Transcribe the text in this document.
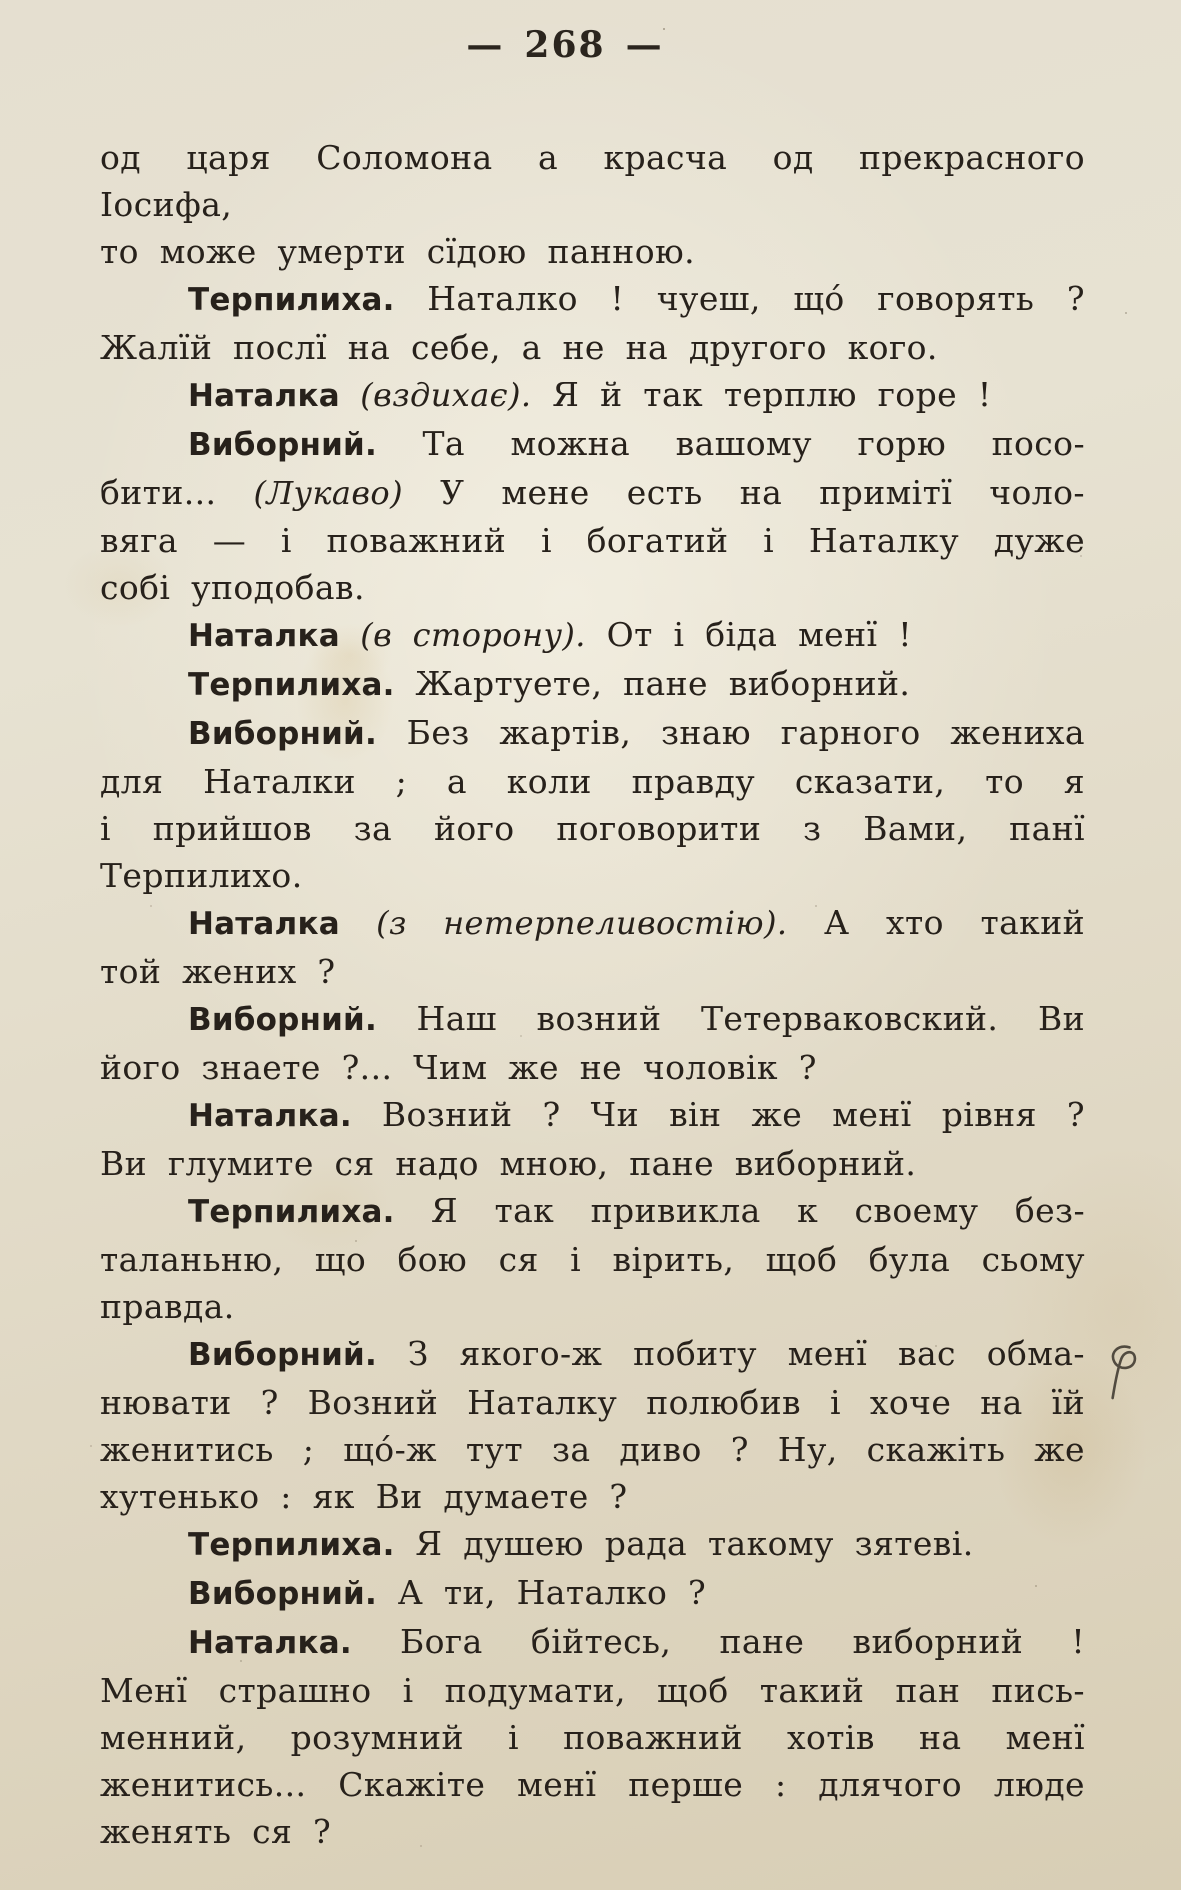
— 268 —
од царя Соломона а красча од прекрасного Іосифа,
то може умерти сїдою панною.
Терпилиха. Наталко ! чуеш, що́ говорять ?
Жалїй послї на себе, а не на другого кого.
Наталка (вздихає). Я й так терплю горе !
Виборний. Та можна вашому горю посо-
бити... (Лукаво) У мене есть на примітї чоло-
вяга — і поважний і богатий і Наталку дуже
собі уподобав.
Наталка (в сторону). От і біда менї !
Терпилиха. Жартуете, пане виборний.
Виборний. Без жартів, знаю гарного жениха
для Наталки ; а коли правду сказати, то я
і прийшов за його поговорити з Вами, панї
Терпилихо.
Наталка (з нетерпеливостію). А хто такий
той жених ?
Виборний. Наш возний Тетерваковский. Ви
його знаете ?... Чим же не чоловік ?
Наталка. Возний ? Чи він же менї рівня ?
Ви глумите ся надо мною, пане виборний.
Терпилиха. Я так привикла к своему без-
таланьню, що бою ся і вірить, щоб була сьому
правда.
Виборний. З якого-ж побиту менї вас обма-
нювати ? Возний Наталку полюбив і хоче на їй
женитись ; що́-ж тут за диво ? Ну, скажіть же
хутенько : як Ви думаете ?
Терпилиха. Я душею рада такому зятеві.
Виборний. А ти, Наталко ?
Наталка. Бога бійтесь, пане виборний !
Менї страшно і подумати, щоб такий пан пись-
менний, розумний і поважний хотів на менї
женитись... Скажіте менї перше : длячого люде
женять ся ?
